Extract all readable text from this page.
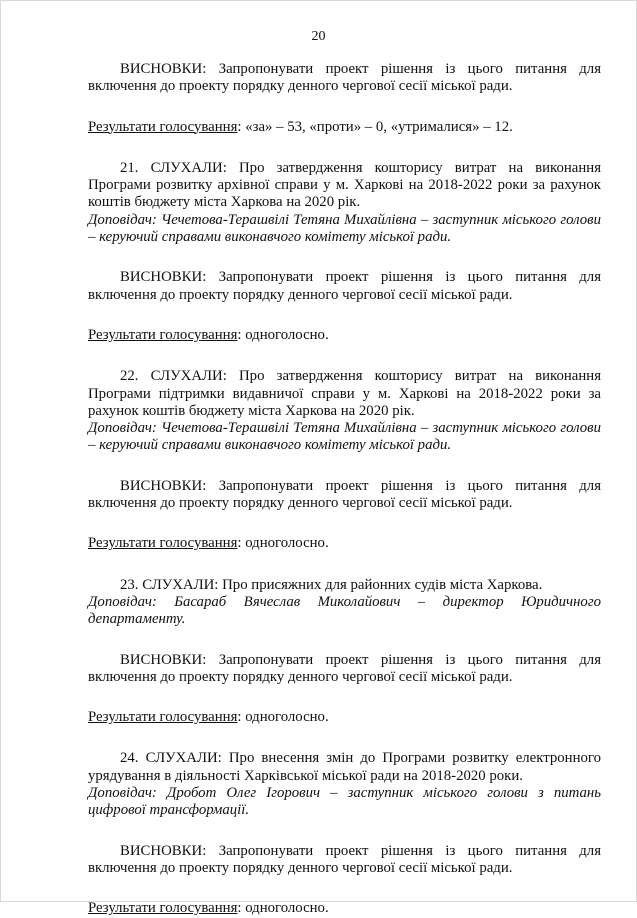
20

ВИСНОВКИ: Запропонувати проект рішення із цього питання для включення до проекту порядку денного чергової сесії міської ради.

Результати голосування: «за» – 53, «проти» – 0, «утрималися» – 12.

21. СЛУХАЛИ: Про затвердження кошторису витрат на виконання Програми розвитку архівної справи у м. Харкові на 2018-2022 роки за рахунок коштів бюджету міста Харкова на 2020 рік.

Доповідач: Чечетова-Терашвілі Тетяна Михайлівна – заступник міського голови – керуючий справами виконавчого комітету міської ради.

ВИСНОВКИ: Запропонувати проект рішення із цього питання для включення до проекту порядку денного чергової сесії міської ради.

Результати голосування: одноголосно.

22. СЛУХАЛИ: Про затвердження кошторису витрат на виконання Програми підтримки видавничої справи у м. Харкові на 2018-2022 роки за рахунок коштів бюджету міста Харкова на 2020 рік.

Доповідач: Чечетова-Терашвілі Тетяна Михайлівна – заступник міського голови – керуючий справами виконавчого комітету міської ради.

ВИСНОВКИ: Запропонувати проект рішення із цього питання для включення до проекту порядку денного чергової сесії міської ради.

Результати голосування: одноголосно.

23. СЛУХАЛИ: Про присяжних для районних судів міста Харкова.

Доповідач: Басараб Вячеслав Миколайович – директор Юридичного департаменту.

ВИСНОВКИ: Запропонувати проект рішення із цього питання для включення до проекту порядку денного чергової сесії міської ради.

Результати голосування: одноголосно.

24. СЛУХАЛИ: Про внесення змін до Програми розвитку електронного урядування в діяльності Харківської міської ради на 2018-2020 роки.

Доповідач: Дробот Олег Ігорович – заступник міського голови з питань цифрової трансформації.

ВИСНОВКИ: Запропонувати проект рішення із цього питання для включення до проекту порядку денного чергової сесії міської ради.

Результати голосування: одноголосно.
